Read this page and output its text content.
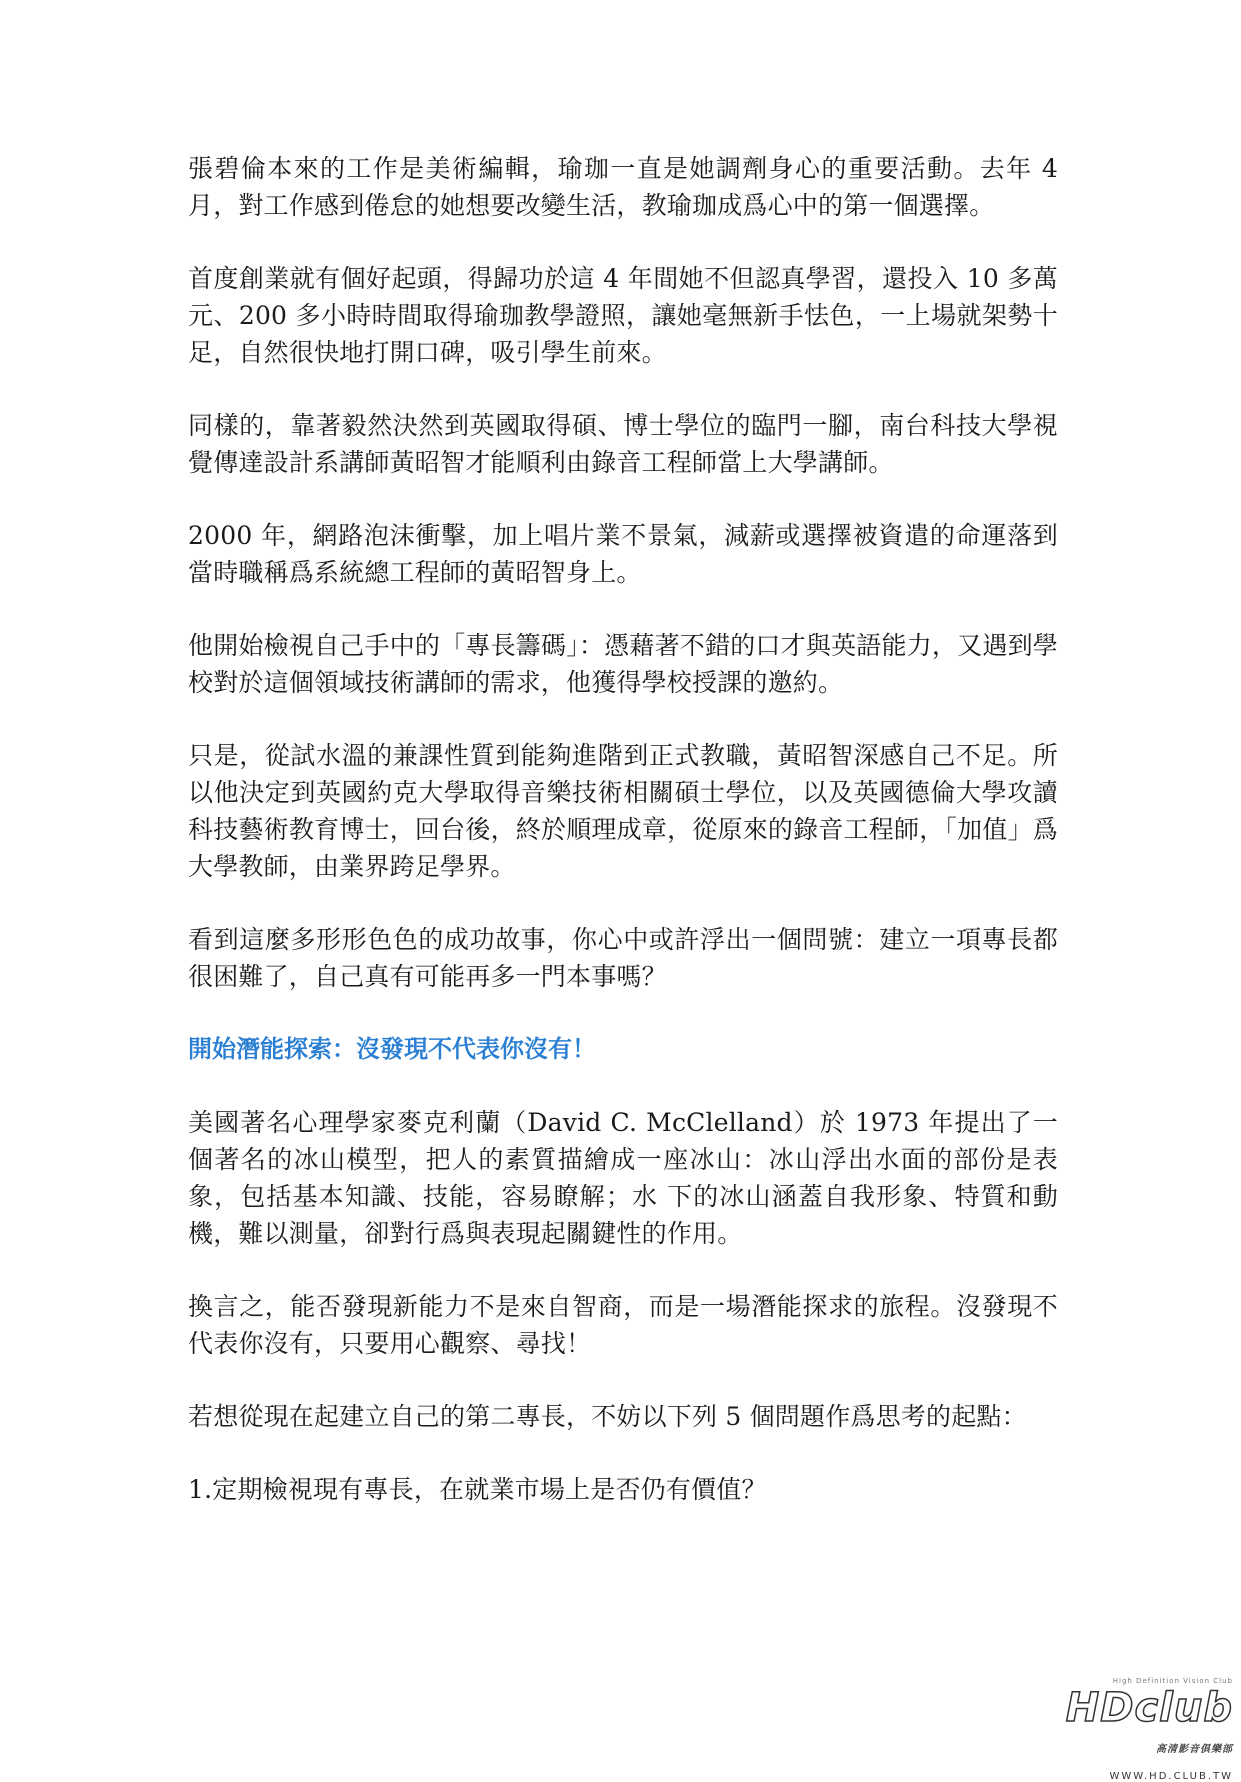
張碧倫本來的工作是美術編輯，瑜珈一直是她調劑身心的重要活動。去年 4 月，對工作感到倦怠的她想要改變生活，教瑜珈成爲心中的第一個選擇。

首度創業就有個好起頭，得歸功於這 4 年間她不但認真學習，還投入 10 多萬元、200 多小時時間取得瑜珈教學證照，讓她毫無新手怯色，一上場就架勢十足，自然很快地打開口碑，吸引學生前來。

同樣的，靠著毅然決然到英國取得碩、博士學位的臨門一腳，南台科技大學視覺傳達設計系講師黃昭智才能順利由錄音工程師當上大學講師。

2000 年，網路泡沫衝擊，加上唱片業不景氣，減薪或選擇被資遣的命運落到當時職稱爲系統總工程師的黃昭智身上。

他開始檢視自己手中的「專長籌碼」：憑藉著不錯的口才與英語能力，又遇到學校對於這個領域技術講師的需求，他獲得學校授課的邀約。

只是，從試水溫的兼課性質到能夠進階到正式教職，黃昭智深感自己不足。所以他決定到英國約克大學取得音樂技術相關碩士學位，以及英國德倫大學攻讀科技藝術教育博士，回台後，終於順理成章，從原來的錄音工程師，「加值」爲大學教師，由業界跨足學界。

看到這麼多形形色色的成功故事，你心中或許浮出一個問號：建立一項專長都很困難了，自己真有可能再多一門本事嗎？

開始潛能探索：沒發現不代表你沒有！

美國著名心理學家麥克利蘭（David C. McClelland）於 1973 年提出了一個著名的冰山模型，把人的素質描繪成一座冰山：冰山浮出水面的部份是表象，包括基本知識、技能，容易瞭解；水 下的冰山涵蓋自我形象、特質和動機，難以測量，卻對行爲與表現起關鍵性的作用。

換言之，能否發現新能力不是來自智商，而是一場潛能探求的旅程。沒發現不代表你沒有，只要用心觀察、尋找！

若想從現在起建立自己的第二專長，不妨以下列 5 個問題作爲思考的起點：

1.定期檢視現有專長，在就業市場上是否仍有價值？

High Definition Vision Club
HDclub高清影音俱樂部
WWW.HD.CLUB.TW
